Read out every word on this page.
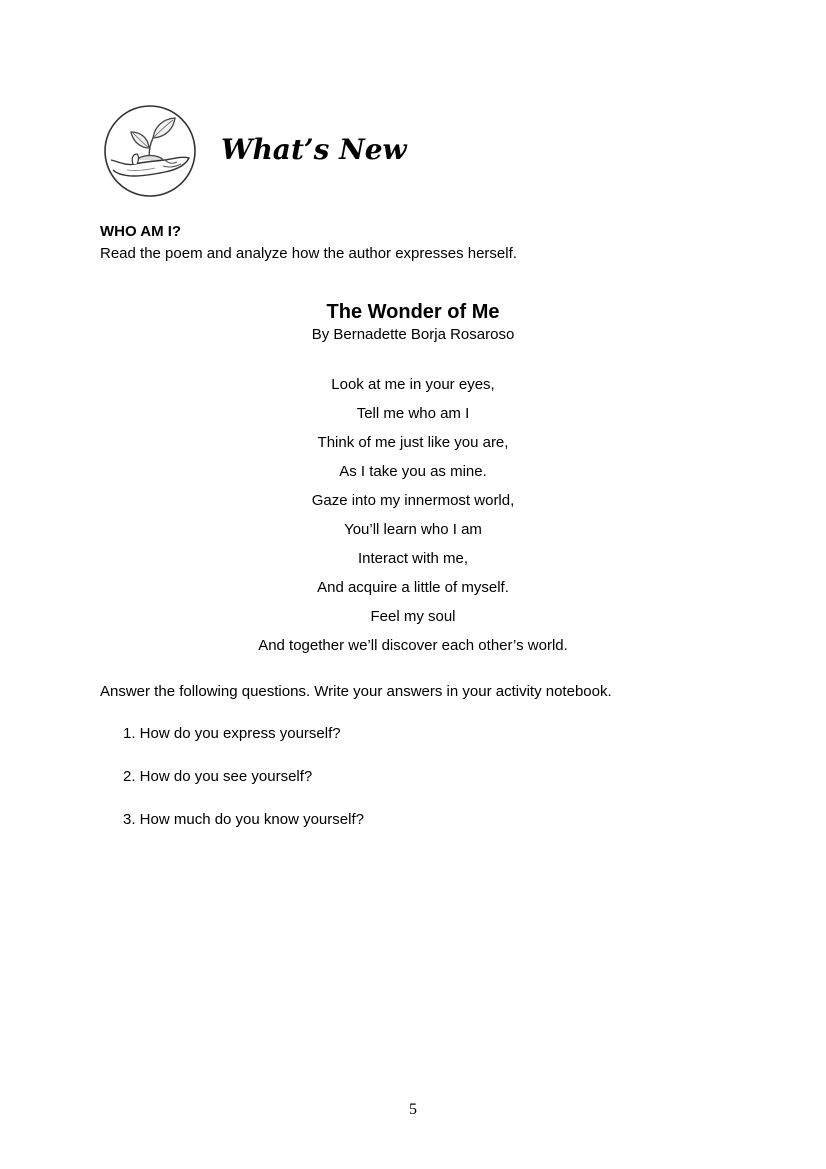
What’s New
WHO AM I?
Read the poem and analyze how the author expresses herself.
The Wonder of Me
By Bernadette Borja Rosaroso
Look at me in your eyes,
Tell me who am I
Think of me just like you are,
As I take you as mine.
Gaze into my innermost world,
You’ll learn who I am
Interact with me,
And acquire a little of myself.
Feel my soul
And together we’ll discover each other’s world.
Answer the following questions. Write your answers in your activity notebook.
1. How do you express yourself?
2. How do you see yourself?
3. How much do you know yourself?
5
